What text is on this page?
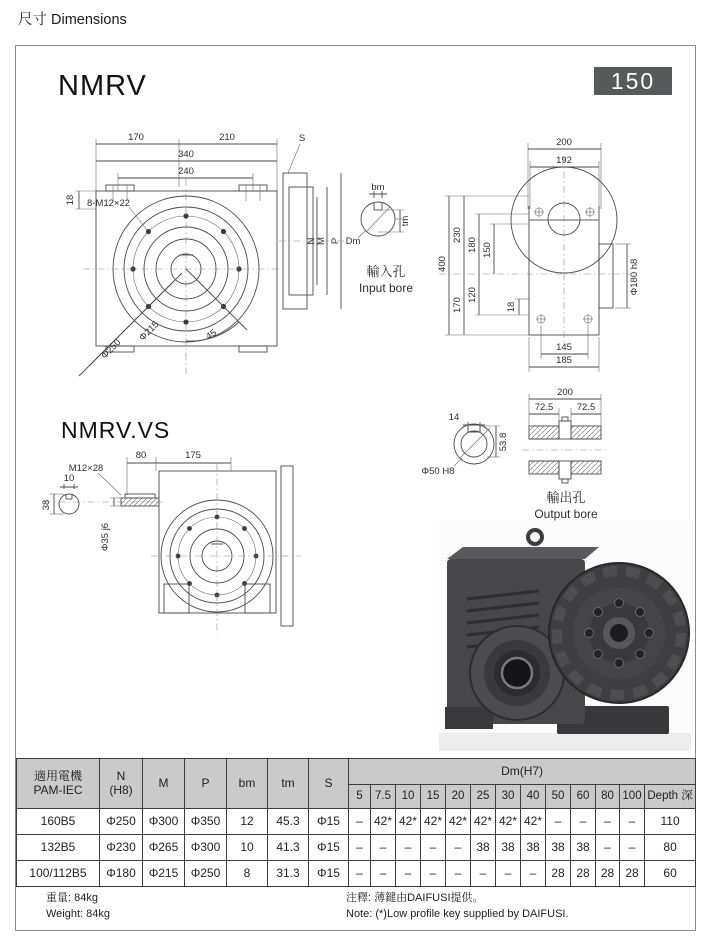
尺寸 Dimensions
NMRV	150
170	210
340
240
18 8-M12×22
Φ215
Φ250
45
S
N M P
bm
tm
Dm
輸入孔
Input bore
200
192
400
230
170
180
120
150
18
Φ180 h8
145
185
14
Φ50 H8
53.8
200
72.5 72.5
輸出孔
Output bore
NMRV.VS
80	175
M12×28
10
38
Φ35 j6
適用電機
PAM-IEC	N
(H8)	M	P	bm	tm	S	Dm(H7)												
							5	7.5	10	15	20	25	30	40	50	60	80	100	Depth 深
160B5	Φ250	Φ300	Φ350	12	45.3	Φ15	–	42*	42*	42*	42*	42*	42*	42*	–	–	–	–	110
132B5	Φ230	Φ265	Φ300	10	41.3	Φ15	–	–	–	–	–	38	38	38	38	38	–	–	80
100/112B5	Φ180	Φ215	Φ250	8	31.3	Φ15	–	–	–	–	–	–	–	–	28	28	28	28	60
重量: 84kg
Weight: 84kg
注釋: 薄鍵由DAIFUSI提供。
Note: (*)Low profile key supplied by DAIFUSI.
